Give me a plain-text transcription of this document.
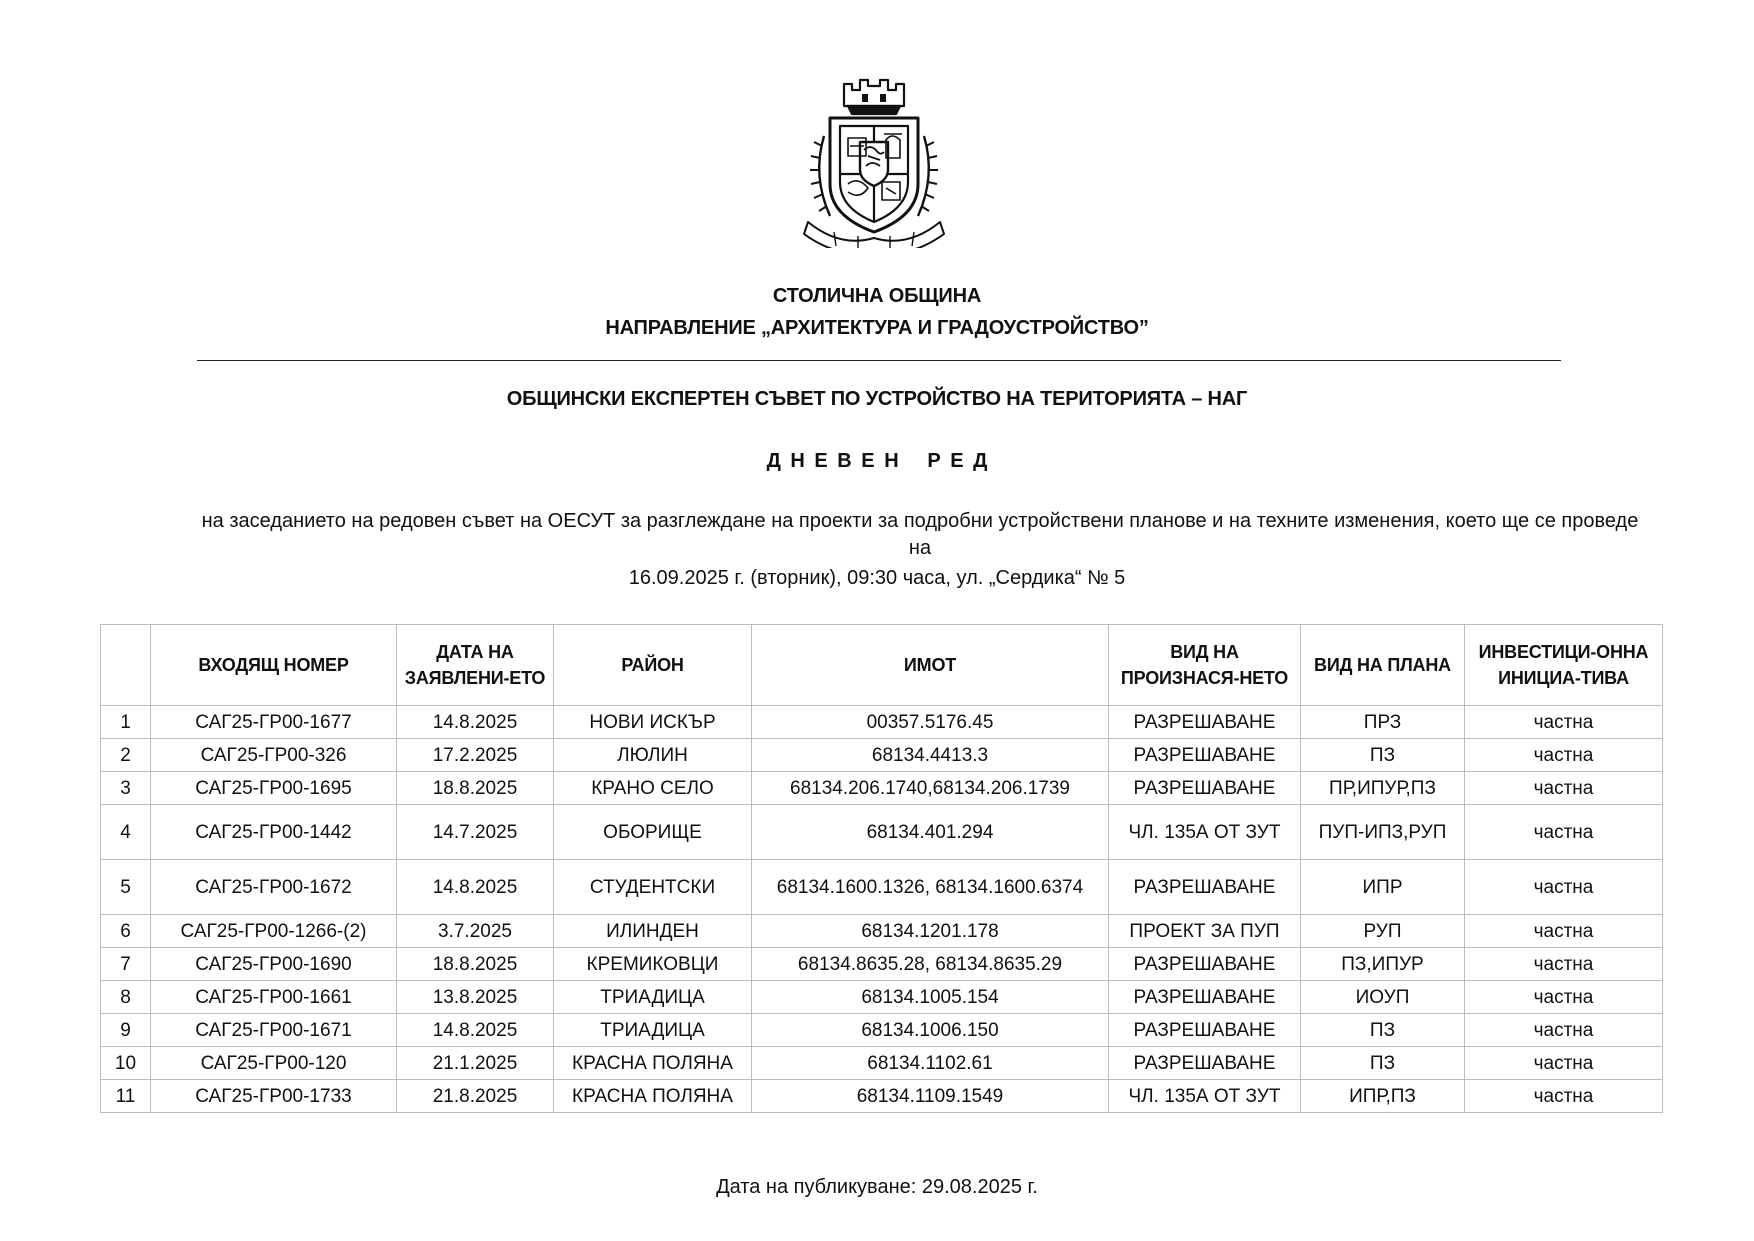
СТОЛИЧНА ОБЩИНА
НАПРАВЛЕНИЕ „АРХИТЕКТУРА И ГРАДОУСТРОЙСТВО”
ОБЩИНСКИ ЕКСПЕРТЕН СЪВЕТ ПО УСТРОЙСТВО НА ТЕРИТОРИЯТА – НАГ
Д Н Е В Е Н   Р Е Д
на заседанието на редовен съвет на ОЕСУТ за разглеждане на проекти за подробни устройствени планове и на техните изменения, което ще се проведе на
16.09.2025 г. (вторник), 09:30 часа, ул. „Сердика“ № 5
	ВХОДЯЩ НОМЕР	ДАТА НА ЗАЯВЛЕНИ-ЕТО	РАЙОН	ИМОТ	ВИД НА ПРОИЗНАСЯ-НЕТО	ВИД НА ПЛАНА	ИНВЕСТИЦИ-ОННА ИНИЦИА-ТИВА
1	САГ25-ГР00-1677	14.8.2025	НОВИ ИСКЪР	00357.5176.45	РАЗРЕШАВАНЕ	ПРЗ	частна
2	САГ25-ГР00-326	17.2.2025	ЛЮЛИН	68134.4413.3	РАЗРЕШАВАНЕ	ПЗ	частна
3	САГ25-ГР00-1695	18.8.2025	КРАНО СЕЛО	68134.206.1740,68134.206.1739	РАЗРЕШАВАНЕ	ПР,ИПУР,ПЗ	частна
4	САГ25-ГР00-1442	14.7.2025	ОБОРИЩЕ	68134.401.294	ЧЛ. 135А ОТ ЗУТ	ПУП-ИПЗ,РУП	частна
5	САГ25-ГР00-1672	14.8.2025	СТУДЕНТСКИ	68134.1600.1326, 68134.1600.6374	РАЗРЕШАВАНЕ	ИПР	частна
6	САГ25-ГР00-1266-(2)	3.7.2025	ИЛИНДЕН	68134.1201.178	ПРОЕКТ ЗА ПУП	РУП	частна
7	САГ25-ГР00-1690	18.8.2025	КРЕМИКОВЦИ	68134.8635.28, 68134.8635.29	РАЗРЕШАВАНЕ	ПЗ,ИПУР	частна
8	САГ25-ГР00-1661	13.8.2025	ТРИАДИЦА	68134.1005.154	РАЗРЕШАВАНЕ	ИОУП	частна
9	САГ25-ГР00-1671	14.8.2025	ТРИАДИЦА	68134.1006.150	РАЗРЕШАВАНЕ	ПЗ	частна
10	САГ25-ГР00-120	21.1.2025	КРАСНА ПОЛЯНА	68134.1102.61	РАЗРЕШАВАНЕ	ПЗ	частна
11	САГ25-ГР00-1733	21.8.2025	КРАСНА ПОЛЯНА	68134.1109.1549	ЧЛ. 135А ОТ ЗУТ	ИПР,ПЗ	частна
Дата на публикуване: 29.08.2025 г.
